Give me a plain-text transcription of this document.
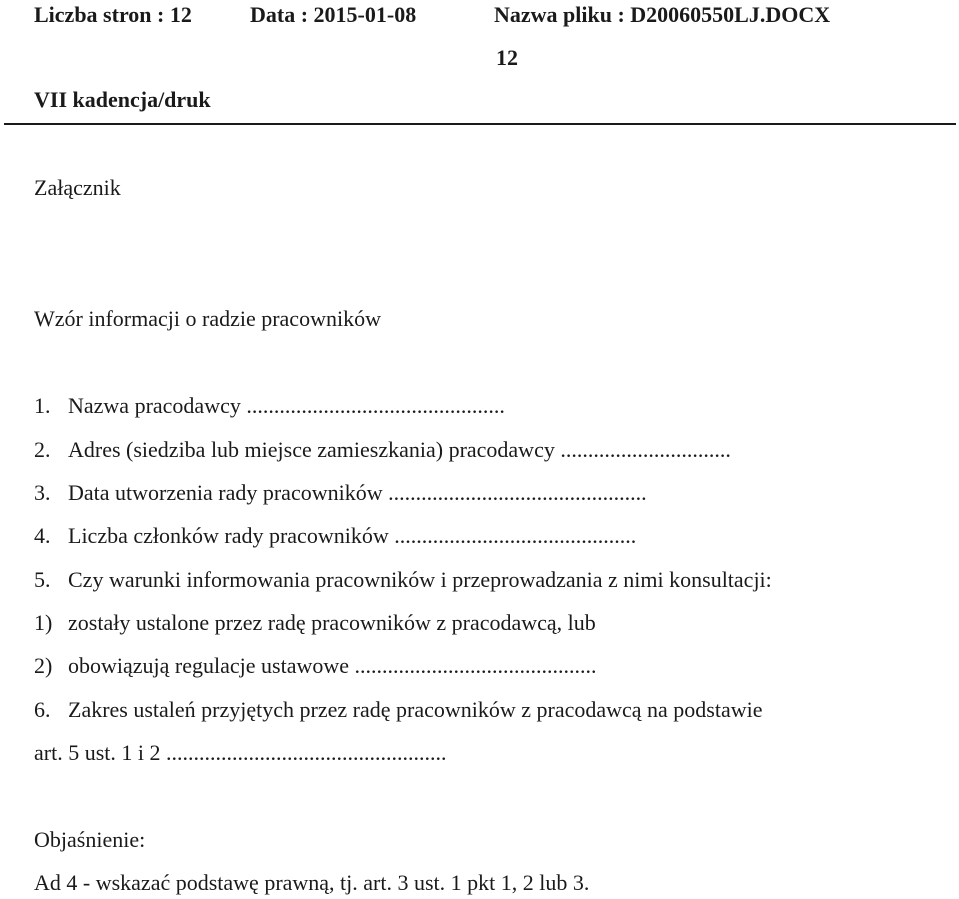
Liczba stron : 12	Data : 2015-01-08	Nazwa pliku : D20060550LJ.DOCX
12
VII kadencja/druk
Załącznik
Wzór informacji o radzie pracowników
1. Nazwa pracodawcy ...............................................
2. Adres (siedziba lub miejsce zamieszkania) pracodawcy ...............................
3. Data utworzenia rady pracowników ...............................................
4. Liczba członków rady pracowników ............................................
5. Czy warunki informowania pracowników i przeprowadzania z nimi konsultacji:
1) zostały ustalone przez radę pracowników z pracodawcą, lub
2) obowiązują regulacje ustawowe ............................................
6. Zakres ustaleń przyjętych przez radę pracowników z pracodawcą na podstawie
art. 5 ust. 1 i 2 ...................................................
Objaśnienie:
Ad 4 - wskazać podstawę prawną, tj. art. 3 ust. 1 pkt 1, 2 lub 3.
